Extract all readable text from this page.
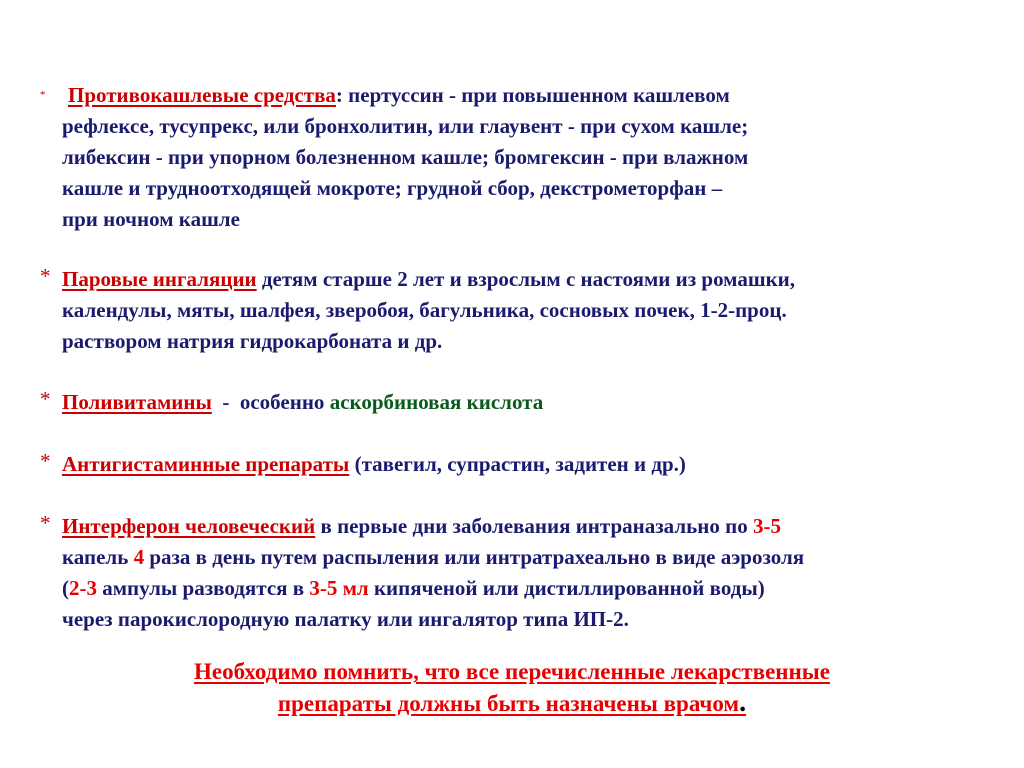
*	Противокашлевые средства: пертуссин - при повышенном кашлевом
рефлексе, тусупрекс, или бронхолитин, или глаувент - при сухом кашле;
либексин - при упорном болезненном кашле; бромгексин - при влажном
кашле и трудноотходящей мокроте; грудной сбор, декстрометорфан –
при ночном кашле
* Паровые ингаляции детям старше 2 лет и взрослым с настоями из ромашки,
календулы, мяты, шалфея, зверобоя, багульника, сосновых почек, 1-2-проц.
раствором натрия гидрокарбоната и др.
* Поливитамины  -  особенно аскорбиновая кислота
* Антигистаминные препараты (тавегил, супрастин, задитен и др.)
* Интерферон человеческий в первые дни заболевания интраназально по 3-5
капель 4 раза в день путем распыления или интратрахеально в виде аэрозоля
(2-3 ампулы разводятся в 3-5 мл кипяченой или дистиллированной воды)
через парокислородную палатку или ингалятор типа ИП-2.
Необходимо помнить, что все перечисленные лекарственные
препараты должны быть назначены врачом.
